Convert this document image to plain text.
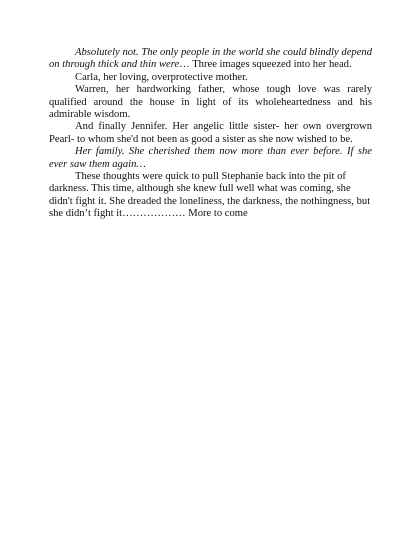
Absolutely not. The only people in the world she could blindly depend on through thick and thin were… Three images squeezed into her head.

Carla, her loving, overprotective mother.

Warren, her hardworking father, whose tough love was rarely qualified around the house in light of its wholeheartedness and his admirable wisdom.

And finally Jennifer. Her angelic little sister- her own overgrown Pearl- to whom she'd not been as good a sister as she now wished to be.

Her family. She cherished them now more than ever before. If she ever saw them again…

These thoughts were quick to pull Stephanie back into the pit of darkness. This time, although she knew full well what was coming, she didn't fight it. She dreaded the loneliness, the darkness, the nothingness, but she didn’t fight it……………… More to come
